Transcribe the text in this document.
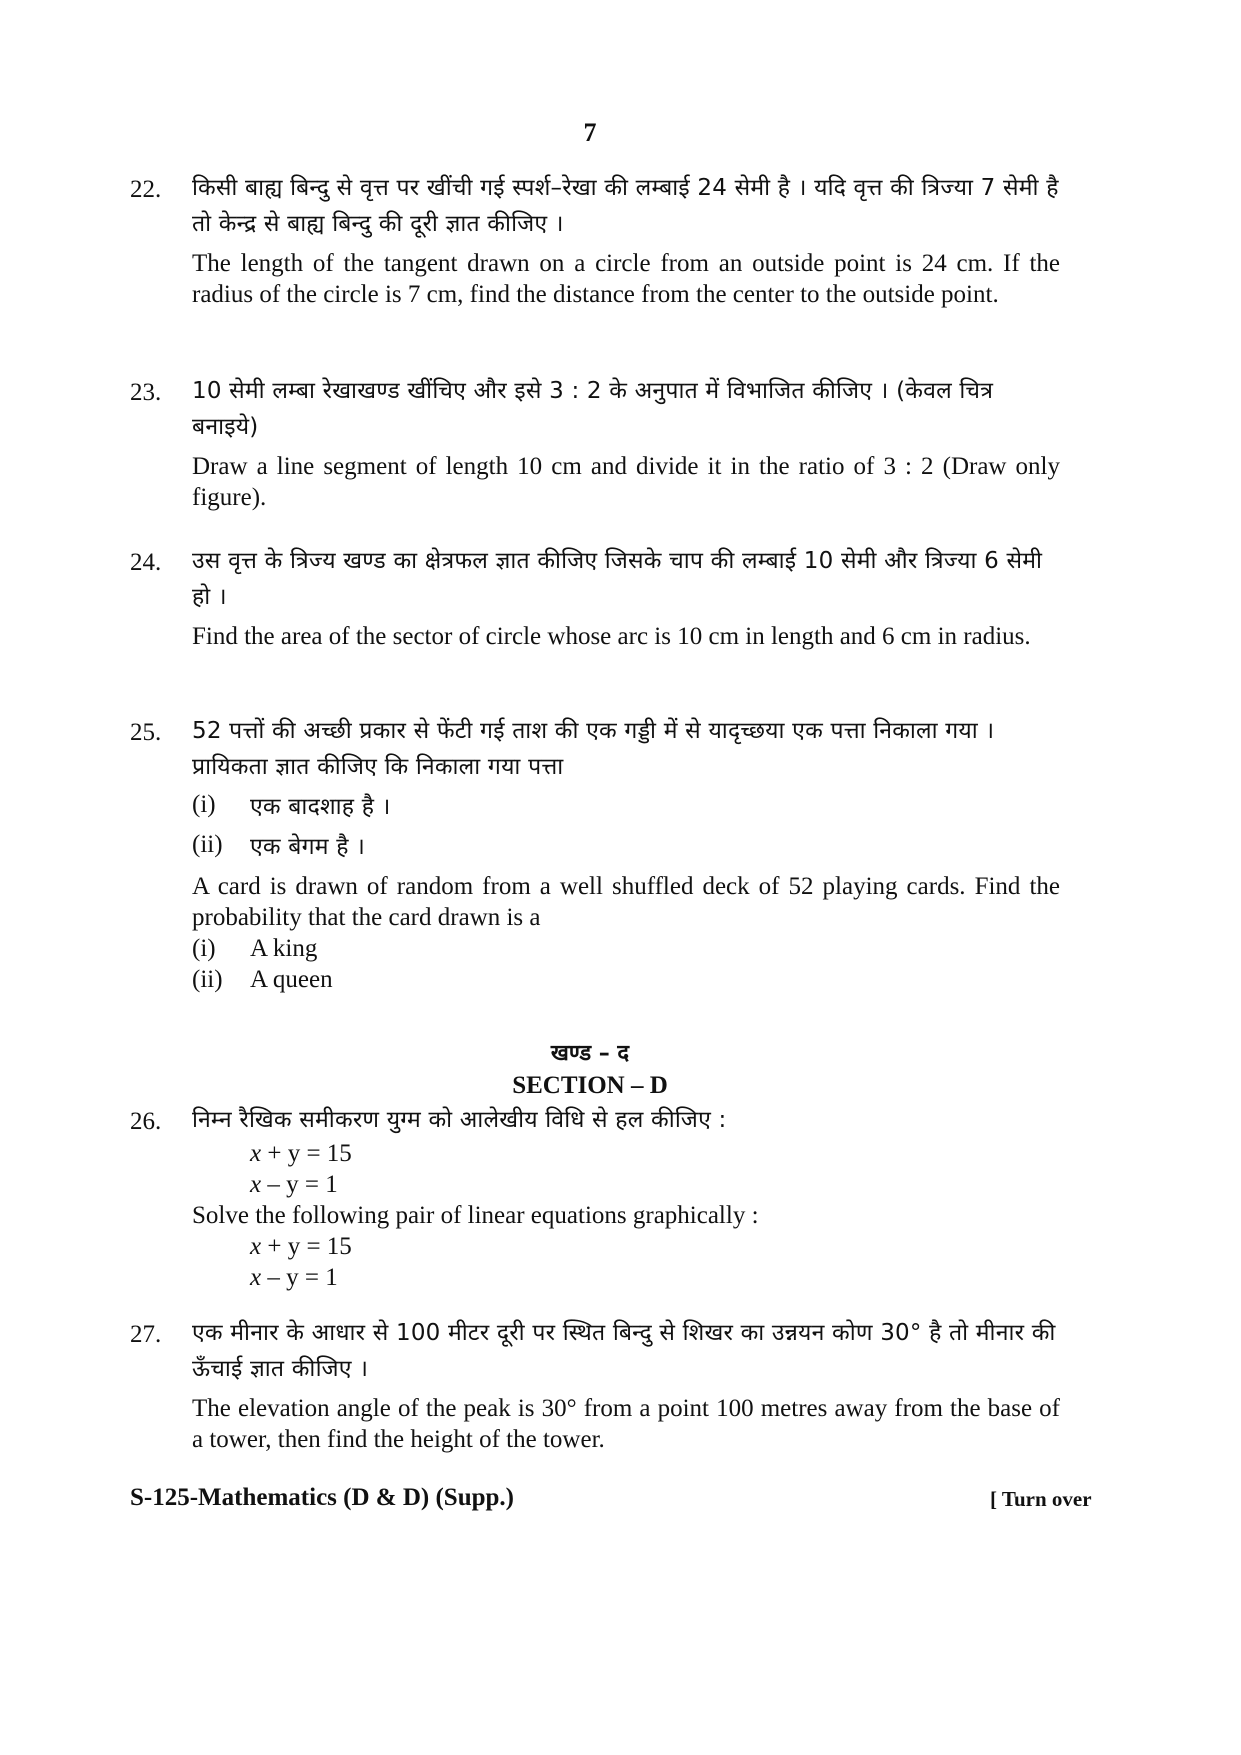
7
22.	किसी बाह्य बिन्दु से वृत्त पर खींची गई स्पर्श–रेखा की लम्बाई 24 सेमी है । यदि वृत्त की त्रिज्या 7 सेमी है तो केन्द्र से बाह्य बिन्दु की दूरी ज्ञात कीजिए ।
The length of the tangent drawn on a circle from an outside point is 24 cm. If the radius of the circle is 7 cm, find the distance from the center to the outside point.
23.	10 सेमी लम्बा रेखाखण्ड खींचिए और इसे 3 : 2 के अनुपात में विभाजित कीजिए । (केवल चित्र बनाइये)
Draw a line segment of length 10 cm and divide it in the ratio of 3 : 2 (Draw only figure).
24.	उस वृत्त के त्रिज्य खण्ड का क्षेत्रफल ज्ञात कीजिए जिसके चाप की लम्बाई 10 सेमी और त्रिज्या 6 सेमी हो ।
Find the area of the sector of circle whose arc is 10 cm in length and 6 cm in radius.
25.	52 पत्तों की अच्छी प्रकार से फेंटी गई ताश की एक गड्डी में से यादृच्छया एक पत्ता निकाला गया । प्रायिकता ज्ञात कीजिए कि निकाला गया पत्ता
(i)	एक बादशाह है ।
(ii)	एक बेगम है ।
A card is drawn of random from a well shuffled deck of 52 playing cards. Find the probability that the card drawn is a
(i)	A king
(ii)	A queen
खण्ड – द
SECTION – D
26.	निम्न रैखिक समीकरण युग्म को आलेखीय विधि से हल कीजिए :
x + y = 15
x – y = 1
Solve the following pair of linear equations graphically :
x + y = 15
x – y = 1
27.	एक मीनार के आधार से 100 मीटर दूरी पर स्थित बिन्दु से शिखर का उन्नयन कोण 30° है तो मीनार की ऊँचाई ज्ञात कीजिए ।
The elevation angle of the peak is 30° from a point 100 metres away from the base of a tower, then find the height of the tower.
S-125-Mathematics (D & D) (Supp.)	[ Turn over
